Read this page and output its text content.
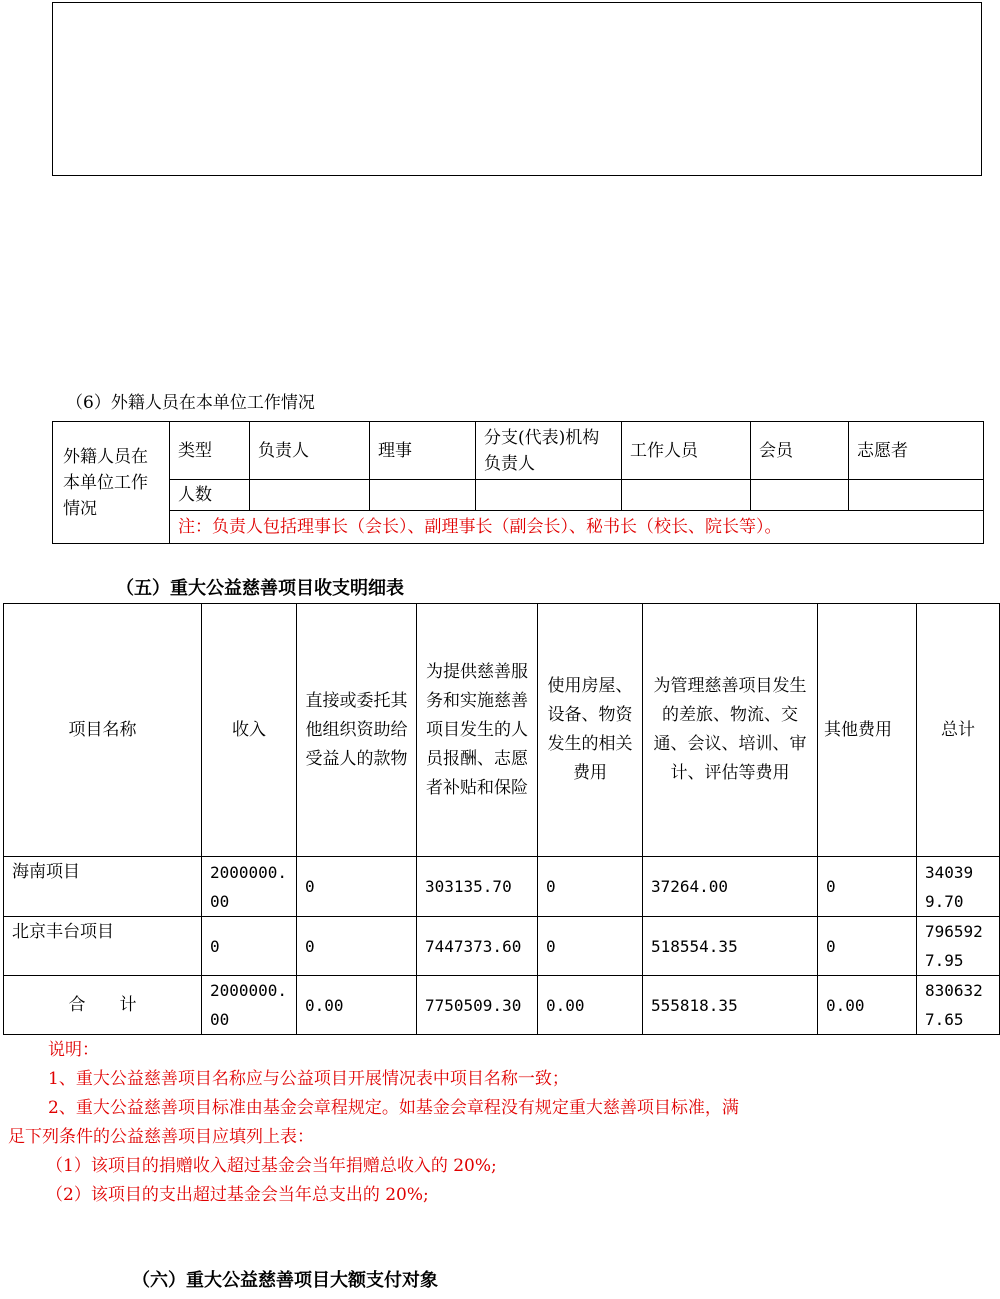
（6）外籍人员在本单位工作情况
外籍人员在本单位工作情况	类型	负责人	理事	分支(代表)机构负责人	工作人员	会员	志愿者
	人数						
	注：负责人包括理事长（会长）、副理事长（副会长）、秘书长（校长、院长等）。						
（五）重大公益慈善项目收支明细表
项目名称	收入	直接或委托其他组织资助给受益人的款物	为提供慈善服务和实施慈善项目发生的人员报酬、志愿者补贴和保险	使用房屋、设备、物资发生的相关费用	为管理慈善项目发生的差旅、物流、交通、会议、培训、审计、评估等费用	其他费用	总计
海南项目	2000000.00	0	303135.70	0	37264.00	0	340399.70
北京丰台项目	0	0	7447373.60	0	518554.35	0	7965927.95
合　　计	2000000.00	0.00	7750509.30	0.00	555818.35	0.00	8306327.65
说明：
1、重大公益慈善项目名称应与公益项目开展情况表中项目名称一致；
2、重大公益慈善项目标准由基金会章程规定。如基金会章程没有规定重大慈善项目标准，满
足下列条件的公益慈善项目应填列上表：
（1）该项目的捐赠收入超过基金会当年捐赠总收入的 20%;
（2）该项目的支出超过基金会当年总支出的 20%;
（六）重大公益慈善项目大额支付对象
